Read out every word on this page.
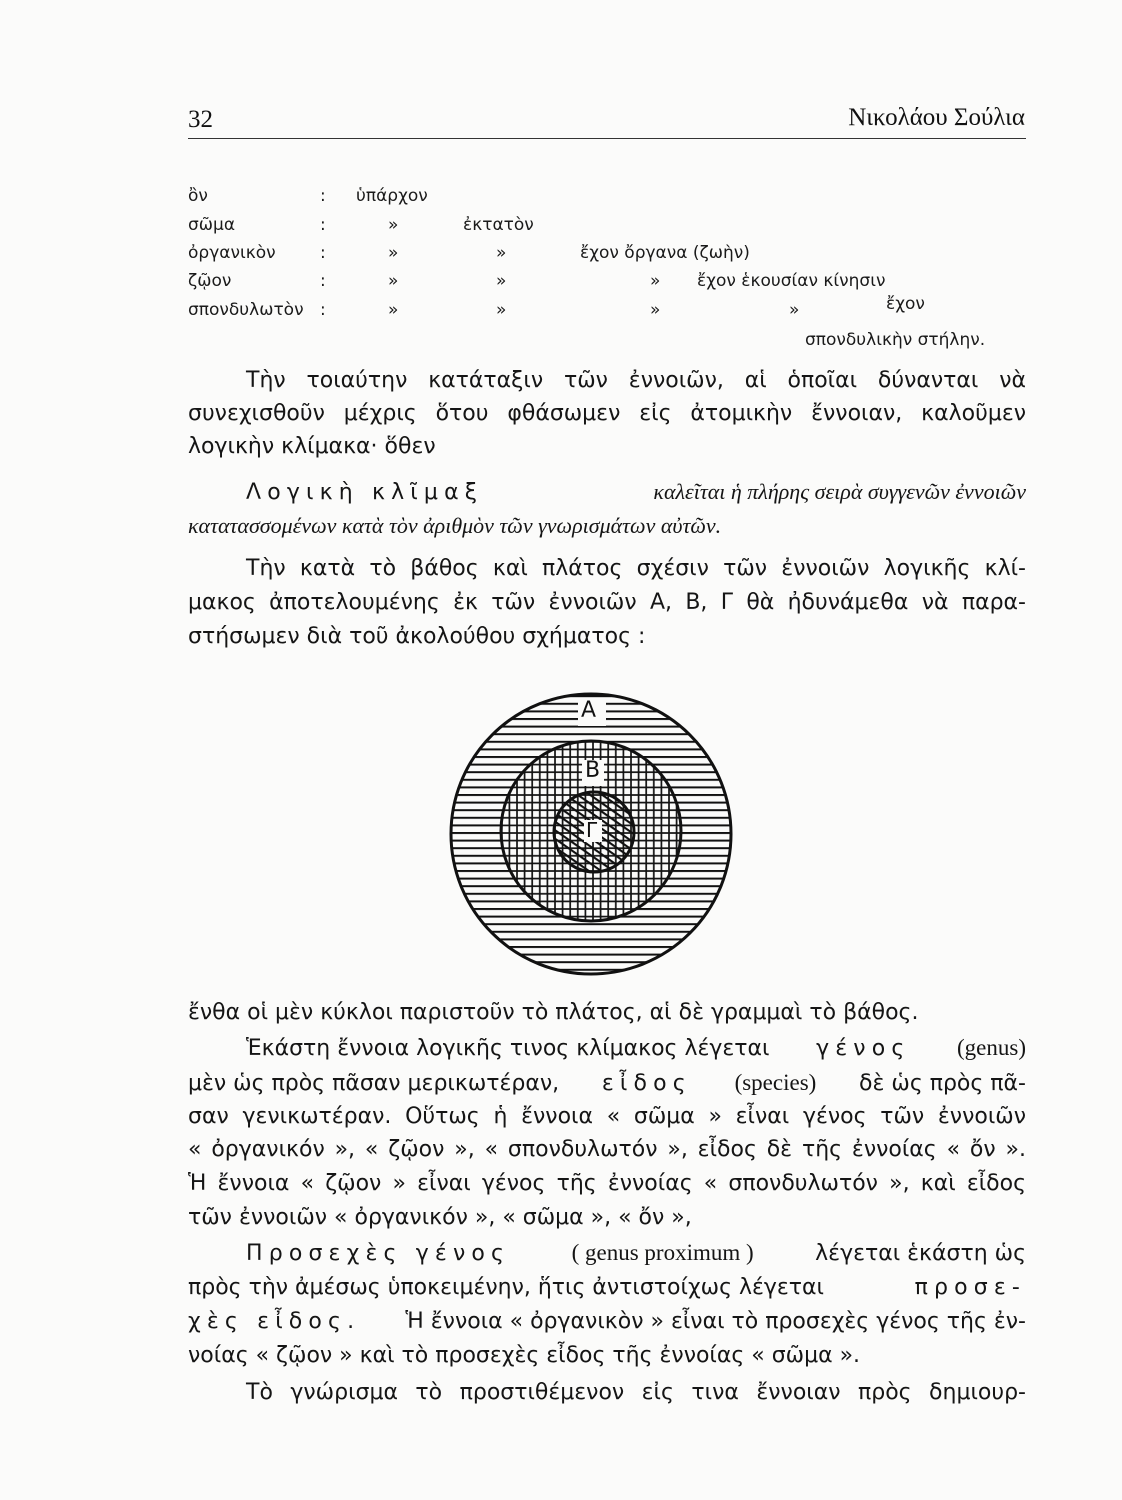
32	Νικολάου Σούλια
ὂν	: ὑπάρχον
σῶμα	:	»	ἐκτατὸν
ὀργανικὸν	:	»	»	ἔχον ὄργανα (ζωὴν)
ζῷον	:	»	»	» ἔχον ἑκουσίαν κίνησιν
σπονδυλωτὸν :	»	»	»	»	ἔχον
σπονδυλικὴν στήλην.
Τὴν τοιαύτην κατάταξιν τῶν ἐννοιῶν, αἱ ὁποῖαι δύνανται νὰ
συνεχισθοῦν μέχρις ὅτου φθάσωμεν εἰς ἀτομικὴν ἔννοιαν, καλοῦμεν
λογικὴν κλίμακα· ὅθεν
Λογικὴ κλῖμαξ	καλεῖται ἡ πλήρης σειρὰ συγγενῶν ἐννοιῶν
κατατασσομένων κατὰ τὸν ἀριθμὸν τῶν γνωρισμάτων αὐτῶν.
Τὴν κατὰ τὸ βάθος καὶ πλάτος σχέσιν τῶν ἐννοιῶν λογικῆς κλί-
μακος ἀποτελουμένης ἐκ τῶν ἐννοιῶν Α, Β, Γ θὰ ἠδυνάμεθα νὰ παρα-
στήσωμεν διὰ τοῦ ἀκολούθου σχήματος :
Α
Β
Γ
ἔνθα οἱ μὲν κύκλοι παριστοῦν τὸ πλάτος, αἱ δὲ γραμμαὶ τὸ βάθος.
Ἑκάστη ἔννοια λογικῆς τινος κλίμακος λέγεται γένος (genus)
μὲν ὡς πρὸς πᾶσαν μερικωτέραν, εἶδος (species) δὲ ὡς πρὸς πᾶ-
σαν γενικωτέραν. Οὕτως ἡ ἔννοια « σῶμα » εἶναι γένος τῶν ἐννοιῶν
« ὀργανικόν », « ζῷον », « σπονδυλωτόν », εἶδος δὲ τῆς ἐννοίας « ὄν ».
Ἡ ἔννοια « ζῷον » εἶναι γένος τῆς ἐννοίας « σπονδυλωτόν », καὶ εἶδος
τῶν ἐννοιῶν « ὀργανικόν », « σῶμα », « ὄν »,
Προσεχὲς γένος	( genus proximum )	λέγεται ἑκάστη ὡς
πρὸς τὴν ἀμέσως ὑποκειμένην, ἥτις ἀντιστοίχως λέγεται	προσε-
χὲς εἶδος. Ἡ ἔννοια « ὀργανικὸν » εἶναι τὸ προσεχὲς γένος τῆς ἐν-
νοίας « ζῷον » καὶ τὸ προσεχὲς εἶδος τῆς ἐννοίας « σῶμα ».
Τὸ γνώρισμα τὸ προστιθέμενον εἰς τινα ἔννοιαν πρὸς δημιουρ-
